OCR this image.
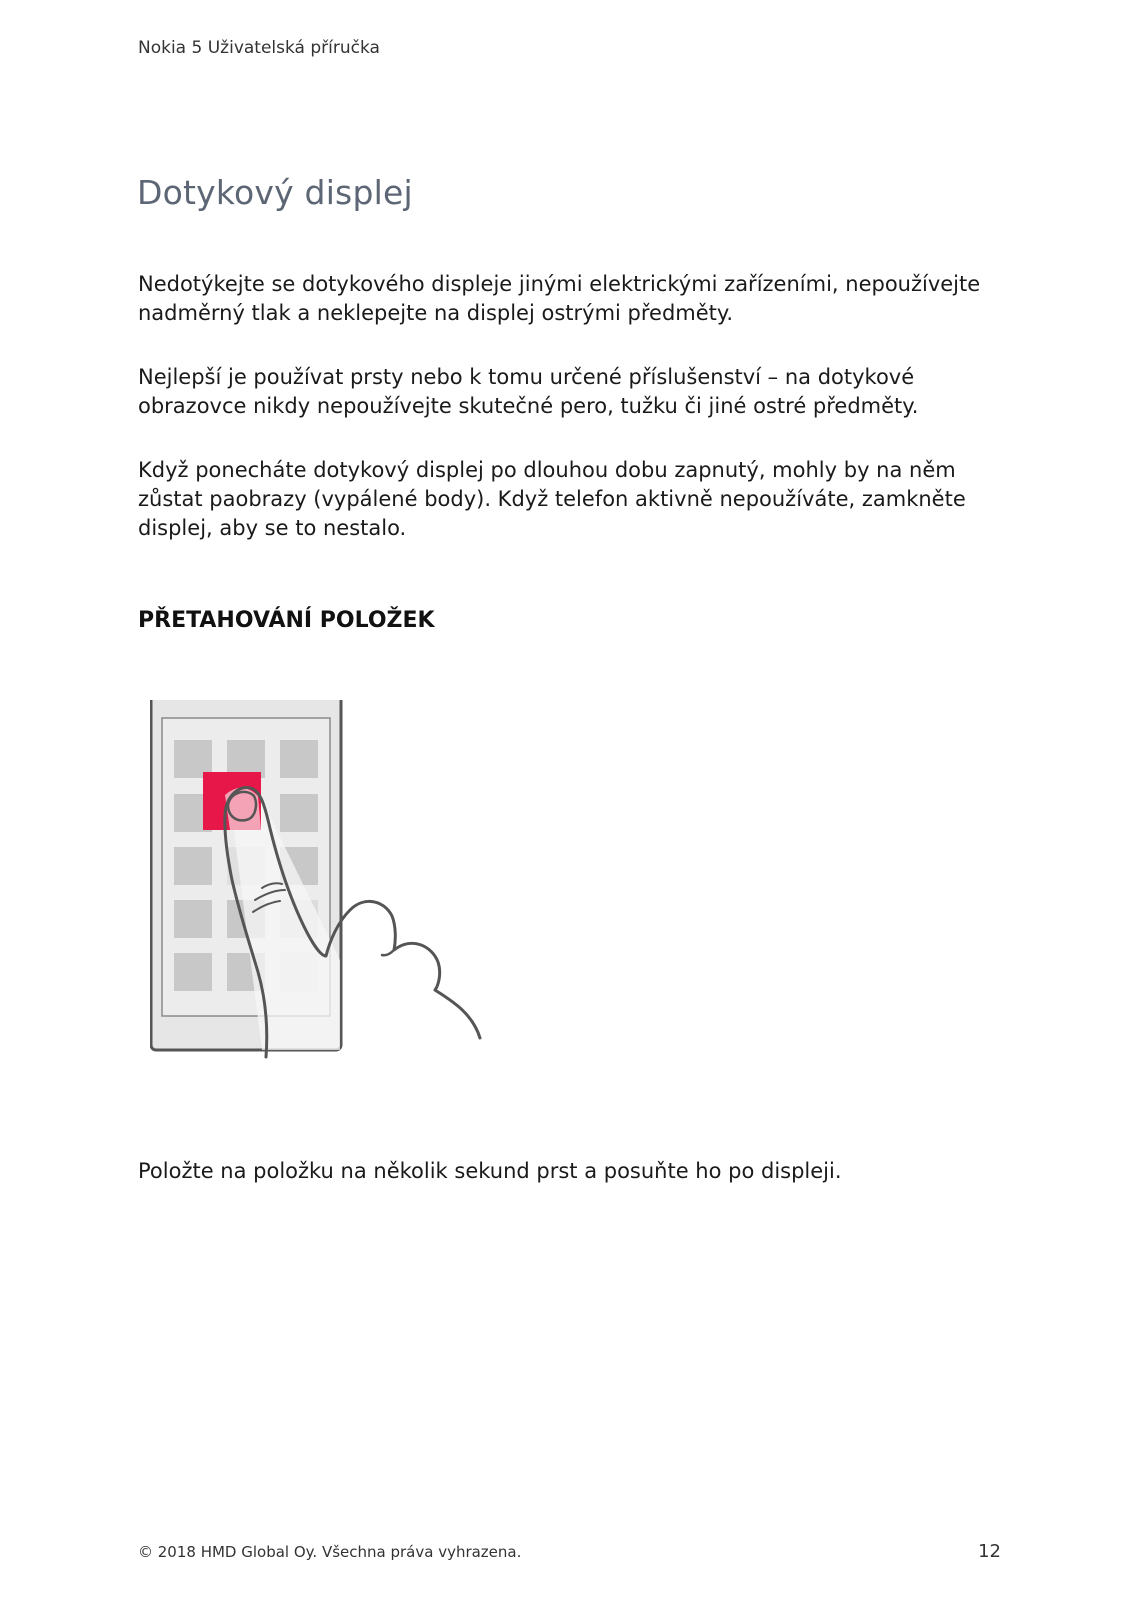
Nokia 5 Uživatelská příručka
Dotykový displej

Nedotýkejte se dotykového displeje jinými elektrickými zařízeními, nepoužívejte nadměrný tlak a neklepejte na displej ostrými předměty.

Nejlepší je používat prsty nebo k tomu určené příslušenství – na dotykové obrazovce nikdy nepoužívejte skutečné pero, tužku či jiné ostré předměty.

Když ponecháte dotykový displej po dlouhou dobu zapnutý, mohly by na něm zůstat paobrazy (vypálené body). Když telefon aktivně nepoužíváte, zamkněte displej, aby se to nestalo.

PŘETAHOVÁNÍ POLOŽEK

Položte na položku na několik sekund prst a posuňte ho po displeji.

© 2018 HMD Global Oy. Všechna práva vyhrazena.	12
